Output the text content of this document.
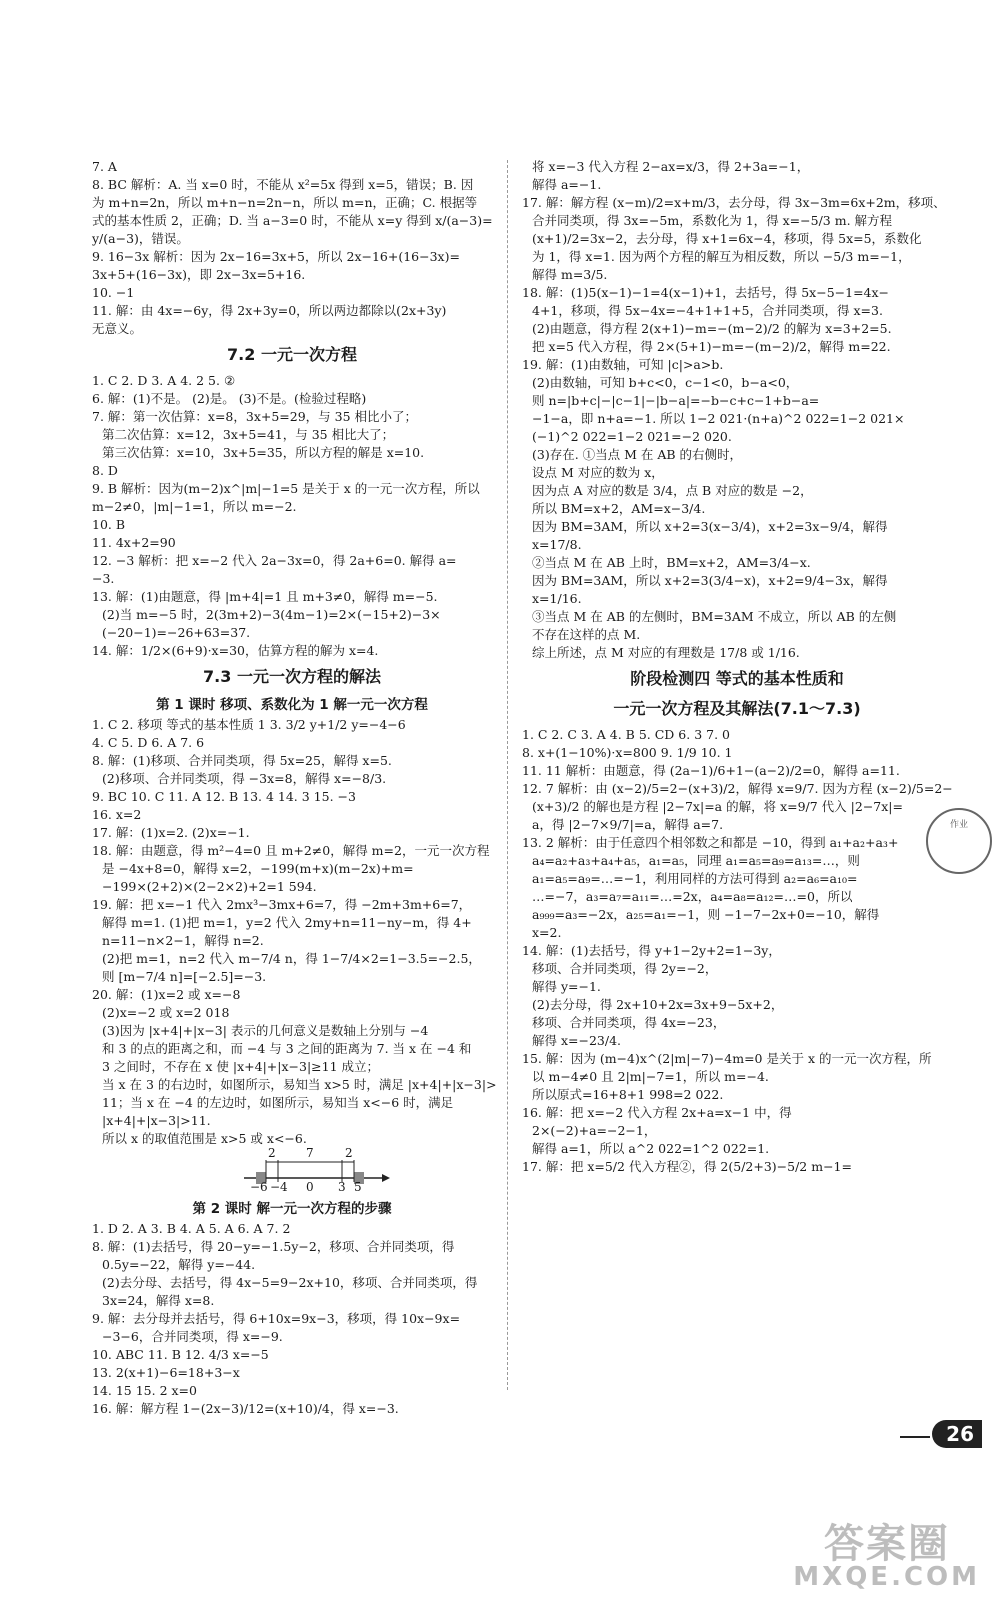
7. A
8. BC 解析：A. 当 x=0 时，不能从 x²=5x 得到 x=5，错误；B. 因
为 m+n=2n，所以 m+n−n=2n−n，所以 m=n，正确；C. 根据等
式的基本性质 2，正确；D. 当 a−3=0 时，不能从 x=y 得到 x/(a−3)=
y/(a−3)，错误。
9. 16−3x 解析：因为 2x−16=3x+5，所以 2x−16+(16−3x)=
3x+5+(16−3x)，即 2x−3x=5+16.
10. −1
11. 解：由 4x=−6y，得 2x+3y=0，所以两边都除以(2x+3y)
无意义。
7.2 一元一次方程
1. C 2. D 3. A 4. 2 5. ②
6. 解：(1)不是。 (2)是。 (3)不是。(检验过程略)
7. 解：第一次估算：x=8，3x+5=29，与 35 相比小了；
第二次估算：x=12，3x+5=41，与 35 相比大了；
第三次估算：x=10，3x+5=35，所以方程的解是 x=10.
8. D
9. B 解析：因为(m−2)x^|m|−1=5 是关于 x 的一元一次方程，所以
m−2≠0，|m|−1=1，所以 m=−2.
10. B
11. 4x+2=90
12. −3 解析：把 x=−2 代入 2a−3x=0，得 2a+6=0. 解得 a=
−3.
13. 解：(1)由题意，得 |m+4|=1 且 m+3≠0，解得 m=−5.
(2)当 m=−5 时，2(3m+2)−3(4m−1)=2×(−15+2)−3×
(−20−1)=−26+63=37.
14. 解：1/2×(6+9)·x=30，估算方程的解为 x=4.
7.3 一元一次方程的解法
第 1 课时 移项、系数化为 1 解一元一次方程
1. C 2. 移项 等式的基本性质 1 3. 3/2 y+1/2 y=−4−6
4. C 5. D 6. A 7. 6
8. 解：(1)移项、合并同类项，得 5x=25，解得 x=5.
(2)移项、合并同类项，得 −3x=8，解得 x=−8/3.
9. BC 10. C 11. A 12. B 13. 4 14. 3 15. −3
16. x=2
17. 解：(1)x=2. (2)x=−1.
18. 解：由题意，得 m²−4=0 且 m+2≠0，解得 m=2，一元一次方程
是 −4x+8=0，解得 x=2，−199(m+x)(m−2x)+m=
−199×(2+2)×(2−2×2)+2=1 594.
19. 解：把 x=−1 代入 2mx³−3mx+6=7，得 −2m+3m+6=7，
解得 m=1. (1)把 m=1，y=2 代入 2my+n=11−ny−m，得 4+
n=11−n×2−1，解得 n=2.
(2)把 m=1，n=2 代入 m−7/4 n，得 1−7/4×2=1−3.5=−2.5，
则 [m−7/4 n]=[−2.5]=−3.
20. 解：(1)x=2 或 x=−8
(2)x=−2 或 x=2 018
(3)因为 |x+4|+|x−3| 表示的几何意义是数轴上分别与 −4
和 3 的点的距离之和，而 −4 与 3 之间的距离为 7. 当 x 在 −4 和
3 之间时，不存在 x 使 |x+4|+|x−3|≥11 成立；
当 x 在 3 的右边时，如图所示，易知当 x>5 时，满足 |x+4|+|x−3|>
11；当 x 在 −4 的左边时，如图所示，易知当 x<−6 时，满足
|x+4|+|x−3|>11.
所以 x 的取值范围是 x>5 或 x<−6.
2	7	2
−6 −4 0 3 5
第 2 课时 解一元一次方程的步骤
1. D 2. A 3. B 4. A 5. A 6. A 7. 2
8. 解：(1)去括号，得 20−y=−1.5y−2，移项、合并同类项，得
0.5y=−22，解得 y=−44.
(2)去分母、去括号，得 4x−5=9−2x+10，移项、合并同类项，得
3x=24，解得 x=8.
9. 解：去分母并去括号，得 6+10x=9x−3，移项，得 10x−9x=
−3−6，合并同类项，得 x=−9.
10. ABC 11. B 12. 4/3 x=−5
13. 2(x+1)−6=18+3−x
14. 15 15. 2 x=0
16. 解：解方程 1−(2x−3)/12=(x+10)/4，得 x=−3.
将 x=−3 代入方程 2−ax=x/3，得 2+3a=−1，
解得 a=−1.
17. 解：解方程 (x−m)/2=x+m/3，去分母，得 3x−3m=6x+2m，移项、
合并同类项，得 3x=−5m，系数化为 1，得 x=−5/3 m. 解方程
(x+1)/2=3x−2，去分母，得 x+1=6x−4，移项，得 5x=5，系数化
为 1，得 x=1. 因为两个方程的解互为相反数，所以 −5/3 m=−1，
解得 m=3/5.
18. 解：(1)5(x−1)−1=4(x−1)+1，去括号，得 5x−5−1=4x−
4+1，移项，得 5x−4x=−4+1+1+5，合并同类项，得 x=3.
(2)由题意，得方程 2(x+1)−m=−(m−2)/2 的解为 x=3+2=5.
把 x=5 代入方程，得 2×(5+1)−m=−(m−2)/2，解得 m=22.
19. 解：(1)由数轴，可知 |c|>a>b.
(2)由数轴，可知 b+c<0，c−1<0，b−a<0，
则 n=|b+c|−|c−1|−|b−a|=−b−c+c−1+b−a=
−1−a，即 n+a=−1. 所以 1−2 021·(n+a)^2 022=1−2 021×
(−1)^2 022=1−2 021=−2 020.
(3)存在. ①当点 M 在 AB 的右侧时，
设点 M 对应的数为 x，
因为点 A 对应的数是 3/4，点 B 对应的数是 −2，
所以 BM=x+2，AM=x−3/4.
因为 BM=3AM，所以 x+2=3(x−3/4)，x+2=3x−9/4，解得
x=17/8.
②当点 M 在 AB 上时，BM=x+2，AM=3/4−x.
因为 BM=3AM，所以 x+2=3(3/4−x)，x+2=9/4−3x，解得
x=1/16.
③当点 M 在 AB 的左侧时，BM=3AM 不成立，所以 AB 的左侧
不存在这样的点 M.
综上所述，点 M 对应的有理数是 17/8 或 1/16.
阶段检测四 等式的基本性质和
一元一次方程及其解法(7.1～7.3)
1. C 2. C 3. A 4. B 5. CD 6. 3 7. 0
8. x+(1−10%)·x=800 9. 1/9 10. 1
11. 11 解析：由题意，得 (2a−1)/6+1−(a−2)/2=0，解得 a=11.
12. 7 解析：由 (x−2)/5=2−(x+3)/2，解得 x=9/7. 因为方程 (x−2)/5=2−
(x+3)/2 的解也是方程 |2−7x|=a 的解，将 x=9/7 代入 |2−7x|=
a，得 |2−7×9/7|=a，解得 a=7.
13. 2 解析：由于任意四个相邻数之和都是 −10，得到 a₁+a₂+a₃+
a₄=a₂+a₃+a₄+a₅，a₁=a₅，同理 a₁=a₅=a₉=a₁₃=…，则
a₁=a₅=a₉=…=−1，利用同样的方法可得到 a₂=a₆=a₁₀=
…=−7，a₃=a₇=a₁₁=…=2x，a₄=a₈=a₁₂=…=0，所以
a₉₉₉=a₃=−2x，a₂₅=a₁=−1，则 −1−7−2x+0=−10，解得
x=2.
14. 解：(1)去括号，得 y+1−2y+2=1−3y，
移项、合并同类项，得 2y=−2，
解得 y=−1.
(2)去分母，得 2x+10+2x=3x+9−5x+2，
移项、合并同类项，得 4x=−23，
解得 x=−23/4.
15. 解：因为 (m−4)x^(2|m|−7)−4m=0 是关于 x 的一元一次方程，所
以 m−4≠0 且 2|m|−7=1，所以 m=−4.
所以原式=16+8+1 998=2 022.
16. 解：把 x=−2 代入方程 2x+a=x−1 中，得
2×(−2)+a=−2−1，
解得 a=1，所以 a^2 022=1^2 022=1.
17. 解：把 x=5/2 代入方程②，得 2(5/2+3)−5/2 m−1=
作业
26
答案圈
MXQE.COM
